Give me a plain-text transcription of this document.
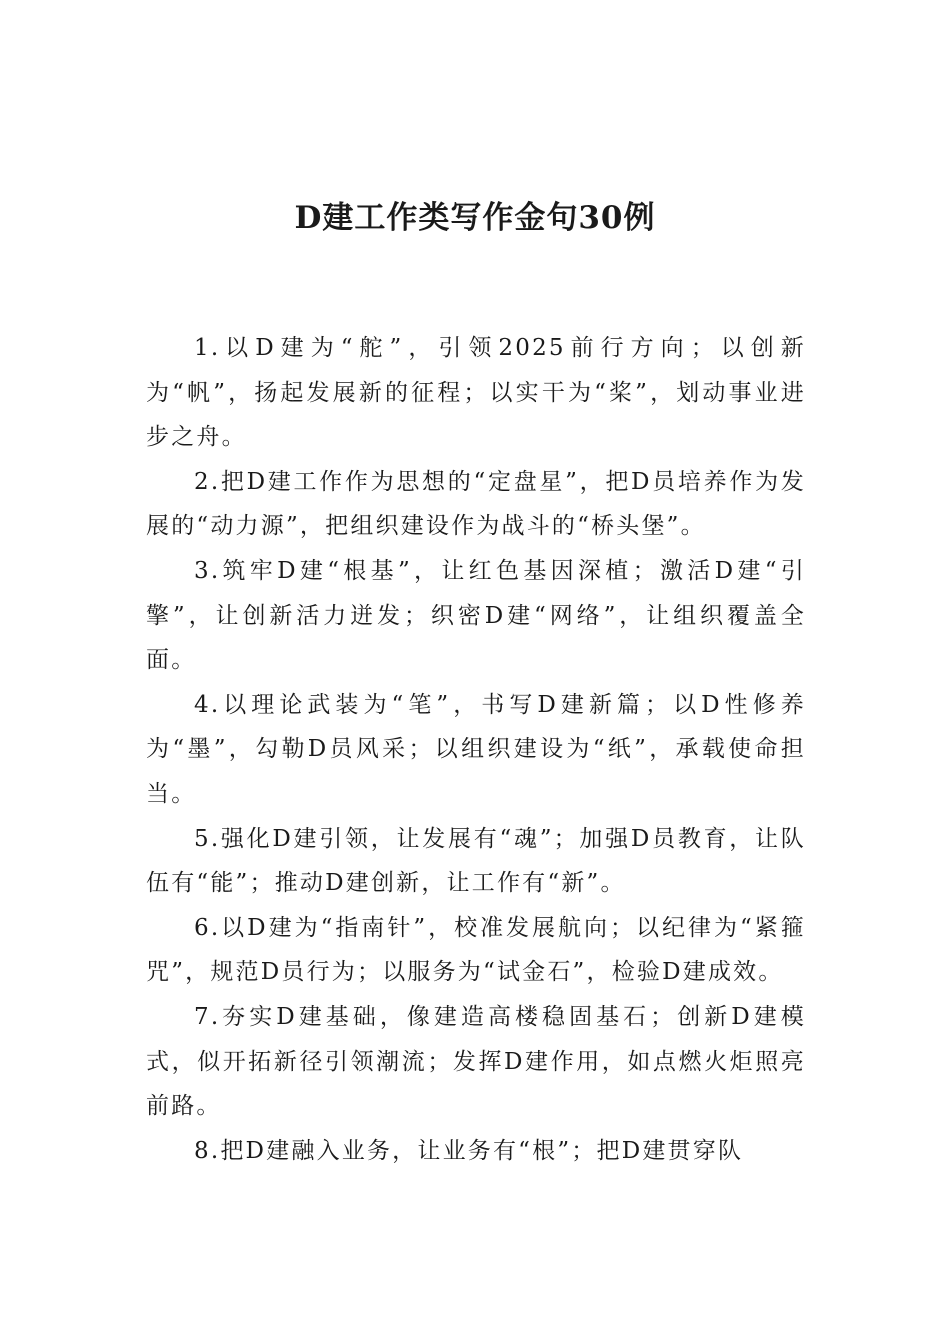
D建工作类写作金句30例

1.以D建为“舵”，引领2025前行方向；以创新为“帆”，扬起发展新的征程；以实干为“桨”，划动事业进步之舟。

2.把D建工作作为思想的“定盘星”，把D员培养作为发展的“动力源”，把组织建设作为战斗的“桥头堡”。

3.筑牢D建“根基”，让红色基因深植；激活D建“引擎”，让创新活力迸发；织密D建“网络”，让组织覆盖全面。

4.以理论武装为“笔”，书写D建新篇；以D性修养为“墨”，勾勒D员风采；以组织建设为“纸”，承载使命担当。

5.强化D建引领，让发展有“魂”；加强D员教育，让队伍有“能”；推动D建创新，让工作有“新”。

6.以D建为“指南针”，校准发展航向；以纪律为“紧箍咒”，规范D员行为；以服务为“试金石”，检验D建成效。

7.夯实D建基础，像建造高楼稳固基石；创新D建模式，似开拓新径引领潮流；发挥D建作用，如点燃火炬照亮前路。

8.把D建融入业务，让业务有“根”；把D建贯穿队
